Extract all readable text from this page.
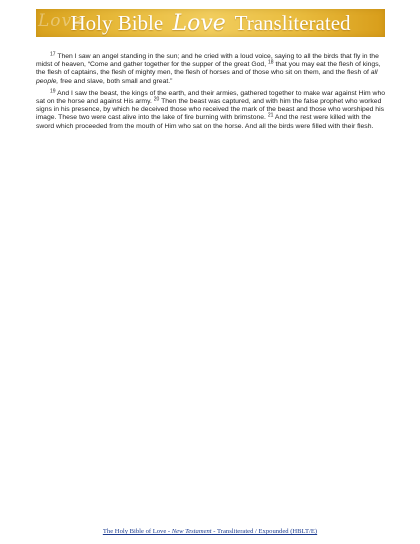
Love
Holy Bible Love Transliterated

$^{17}$ Then I saw an angel standing in the sun; and he cried with a loud voice, saying to all the birds that fly in the midst of heaven, “Come and gather together for the supper of the great God, $^{18}$ that you may eat the flesh of kings, the flesh of captains, the flesh of mighty men, the flesh of horses and of those who sit on them, and the flesh of all people, free and slave, both small and great.”

$^{19}$ And I saw the beast, the kings of the earth, and their armies, gathered together to make war against Him who sat on the horse and against His army. $^{20}$ Then the beast was captured, and with him the false prophet who worked signs in his presence, by which he deceived those who received the mark of the beast and those who worshiped his image. These two were cast alive into the lake of fire burning with brimstone. $^{21}$ And the rest were killed with the sword which proceeded from the mouth of Him who sat on the horse. And all the birds were filled with their flesh.

The Holy Bible of Love - New Testament - Transliterated / Expounded (HBLT/E)
